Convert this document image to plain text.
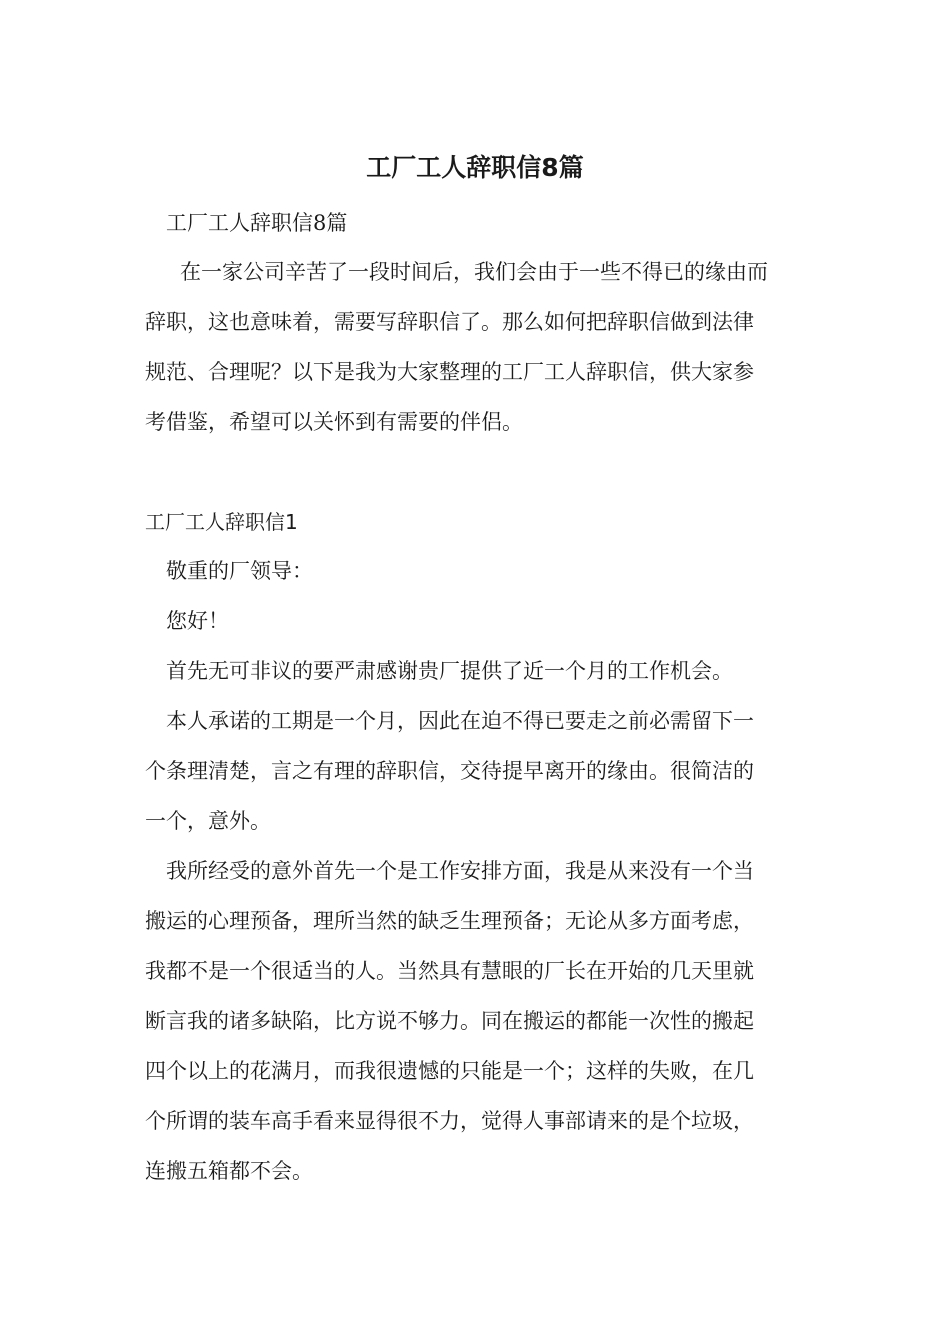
工厂工人辞职信8篇

工厂工人辞职信8篇

在一家公司辛苦了一段时间后，我们会由于一些不得已的缘由而

辞职，这也意味着，需要写辞职信了。那么如何把辞职信做到法律

规范、合理呢？以下是我为大家整理的工厂工人辞职信，供大家参

考借鉴，希望可以关怀到有需要的伴侣。

工厂工人辞职信1

敬重的厂领导：

您好！

首先无可非议的要严肃感谢贵厂提供了近一个月的工作机会。

本人承诺的工期是一个月，因此在迫不得已要走之前必需留下一

个条理清楚，言之有理的辞职信，交待提早离开的缘由。很简洁的

一个，意外。

我所经受的意外首先一个是工作安排方面，我是从来没有一个当

搬运的心理预备，理所当然的缺乏生理预备；无论从多方面考虑，

我都不是一个很适当的人。当然具有慧眼的厂长在开始的几天里就

断言我的诸多缺陷，比方说不够力。同在搬运的都能一次性的搬起

四个以上的花满月，而我很遗憾的只能是一个；这样的失败，在几

个所谓的装车高手看来显得很不力，觉得人事部请来的是个垃圾，

连搬五箱都不会。
